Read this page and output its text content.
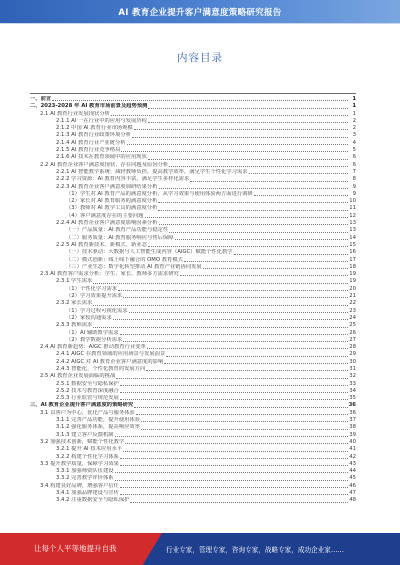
AI 教育企业提升客户满意度策略研究报告
内容目录
一、前言	1
二、2023-2028 年 AI 教育市场前景及趋势预测	1
2.1 AI 教育行业发展现状分析	1
2.1.1 AI 一在行业中的应用与发展历程	2
2.1.2 中国 AI 教育行业市场规模	2
2.1.3 AI 教育行业政策环境分析	3
2.1.4 AI 教育行业产业链分析	4
2.1.5 AI 教育行业竞争格局	5
2.1.6 AI 技术在教育领域中的应用现状	6
2.2 AI 教育企业客户满意度现状、存在问题及原因分析	6
2.2.1 AI 智能教学系统：减轻教师负担，提高教学效率，满足学生个性化学习需求	7
2.2.2 学习资源：AI 教育内容丰富，满足学生多样化需求	8
2.2.3 AI 教育企业客户满意度调研结果分析	9
（1）学生对 AI 教育产品的满意度分析，从学习效果与使用体验两方面进行调研	9
（2）家长对 AI 教育服务的满意度分析	10
（3）教师对 AI 教学工具的满意度分析	11
（4）客户满意度存在的主要问题	12
2.2.4 AI 教育企业客户满意度影响因素分析	13
（一）产品质量：AI 教育产品功能与稳定性	13
（二）服务质量：AI 教育服务响应与售后保障	14
2.2.5 AI 教育新技术、新模式、新业态	15
（一）技术驱动：大数据与人工智能生成内容（AIGC）赋能个性化教学	16
（二）模式创新：线上线下融合的 OMO 教育模式	17
（三）产业生态：数字化转型推动 AI 教育产业链协同发展	18
2.3 AI 教育客户需求分析：学生、家长、教师多方需求研究	19
2.3.1 学生需求	19
（1）个性化学习需求	20
（2）学习效果提升需求	21
2.3.2 家长需求	22
（1）学习过程可视化需求	23
（2）家校沟通需求	24
2.3.3 教师需求	25
（1）AI 辅助教学需求	26
（2）教学数据分析需求	27
2.4 AI 教育新趋势：AIGC 推动教育行业变革	28
2.4.1 AIGC 在教育领域的应用场景与发展前景	29
2.4.2 AIGC 对 AI 教育企业客户满意度的影响	30
2.4.3 智能化、个性化教育的发展方向	31
2.5 AI 教育企业发展面临的挑战	32
2.5.1 数据安全与隐私保护	33
2.5.2 技术与教育深度融合	34
2.5.3 行业监管与规范发展	35
三、AI 教育企业提升客户满意度的策略研究	36
3.1 以客户为中心，优化产品与服务体验	36
3.1.1 完善产品功能，提升使用体验	37
3.1.2 强化服务体系，提高响应效率	38
3.1.3 建立客户反馈机制	39
3.2 加强技术创新，赋能个性化教学	40
3.2.1 提升 AI 技术应用水平	41
3.2.2 构建个性化学习体系	42
3.3 提升教学质量，保障学习效果	43
3.3.1 加强师资队伍建设	44
3.3.2 完善教学评价体系	45
3.4 构建良好品牌，增强客户信任	46
3.4.1 加强品牌建设与宣传	47
3.4.2 注重数据安全与隐私保护	48
让每个人平等地提升自我	行业专家，管理专家，咨询专家，战略专家，成功企业家……
